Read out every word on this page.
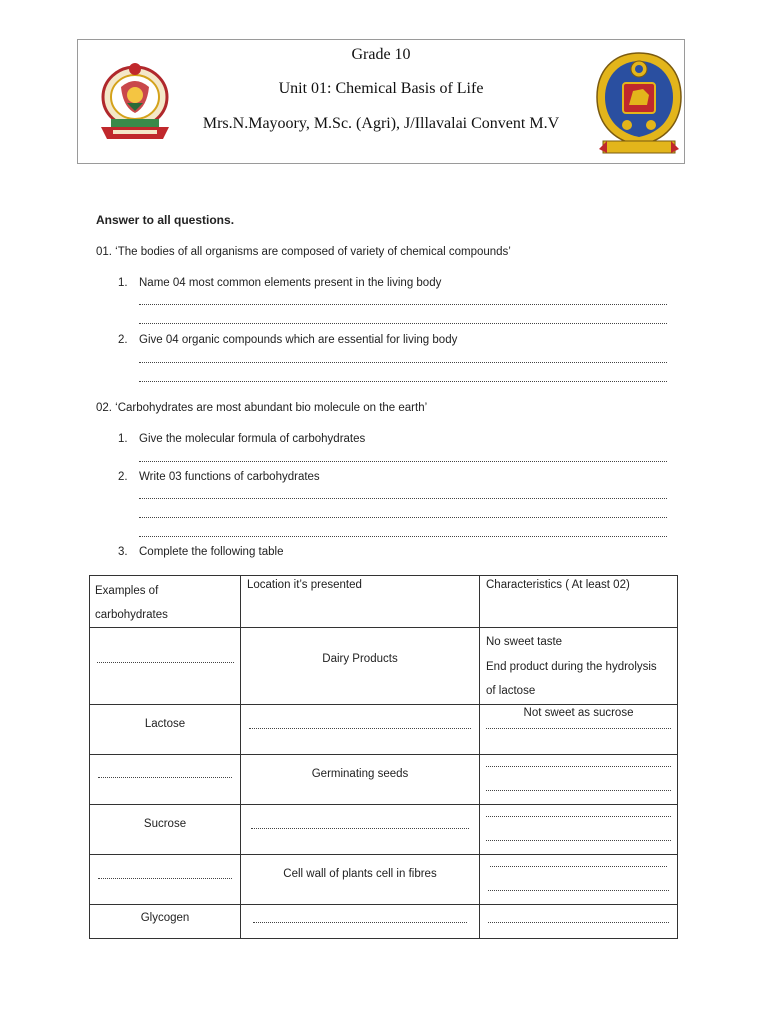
Grade 10
Unit 01: Chemical Basis of Life
Mrs.N.Mayoory, M.Sc. (Agri), J/Illavalai Convent M.V
Answer to all questions.
01. ‘The bodies of all organisms are composed of variety of chemical compounds’
1. Name 04 most common elements present in the living body
2. Give 04 organic compounds which are essential for living body
02. ‘Carbohydrates are most abundant bio molecule on the earth’
1. Give the molecular formula of carbohydrates
2. Write 03 functions of carbohydrates
3. Complete the following table
Examples of
carbohydrates	Location it’s presented	Characteristics ( At least 02)

	Dairy Products	No sweet taste
End product during the hydrolysis
of lactose

Lactose		Not sweet as sucrose

	Germinating seeds	

Sucrose		

	Cell wall of plants cell in fibres	

Glycogen		
